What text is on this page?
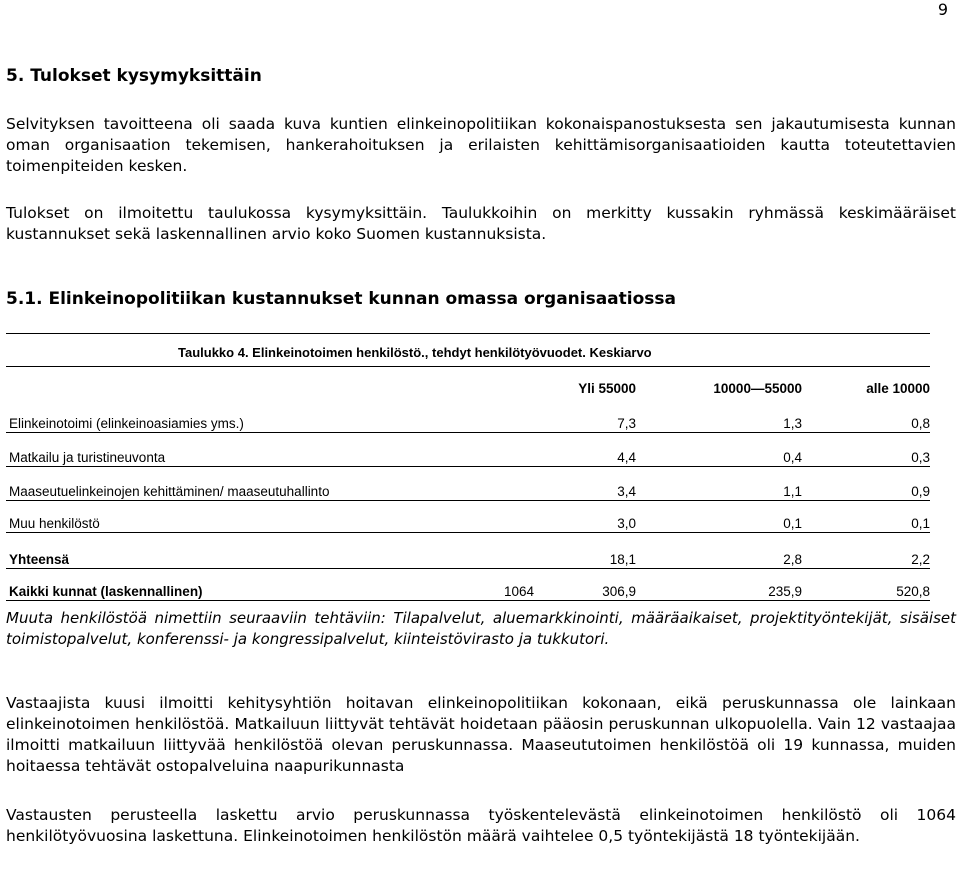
9
5. Tulokset kysymyksittäin
Selvityksen tavoitteena oli saada kuva kuntien elinkeinopolitiikan kokonaispanostuksesta sen jakautumisesta kunnan oman organisaation tekemisen, hankerahoituksen ja erilaisten kehittämisorganisaatioiden kautta toteutettavien toimenpiteiden kesken.
Tulokset on ilmoitettu taulukossa kysymyksittäin. Taulukkoihin on merkitty kussakin ryhmässä keskimääräiset kustannukset sekä laskennallinen arvio koko Suomen kustannuksista.
5.1. Elinkeinopolitiikan kustannukset kunnan omassa organisaatiossa
Taulukko 4. Elinkeinotoimen henkilöstö., tehdyt henkilötyövuodet. Keskiarvo
Yli 55000	10000—55000	alle 10000
Elinkeinotoimi (elinkeinoasiamies yms.)	7,3	1,3	0,8
Matkailu ja turistineuvonta	4,4	0,4	0,3
Maaseutuelinkeinojen kehittäminen/ maaseutuhallinto	3,4	1,1	0,9
Muu henkilöstö	3,0	0,1	0,1
Yhteensä	18,1	2,8	2,2
Kaikki kunnat (laskennallinen)	1064	306,9	235,9	520,8
Muuta henkilöstöä nimettiin seuraaviin tehtäviin: Tilapalvelut, aluemarkkinointi, määräaikaiset, projektityöntekijät, sisäiset toimistopalvelut, konferenssi- ja kongressipalvelut, kiinteistövirasto ja tukkutori.
Vastaajista kuusi ilmoitti kehitysyhtiön hoitavan elinkeinopolitiikan kokonaan, eikä peruskunnassa ole lainkaan elinkeinotoimen henkilöstöä. Matkailuun liittyvät tehtävät hoidetaan pääosin peruskunnan ulkopuolella. Vain 12 vastaajaa ilmoitti matkailuun liittyvää henkilöstöä olevan peruskunnassa. Maaseututoimen henkilöstöä oli 19 kunnassa, muiden hoitaessa tehtävät ostopalveluina naapurikunnasta
Vastausten perusteella laskettu arvio peruskunnassa työskentelevästä elinkeinotoimen henkilöstö oli 1064 henkilötyövuosina laskettuna. Elinkeinotoimen henkilöstön määrä vaihtelee 0,5 työntekijästä 18 työntekijään.
